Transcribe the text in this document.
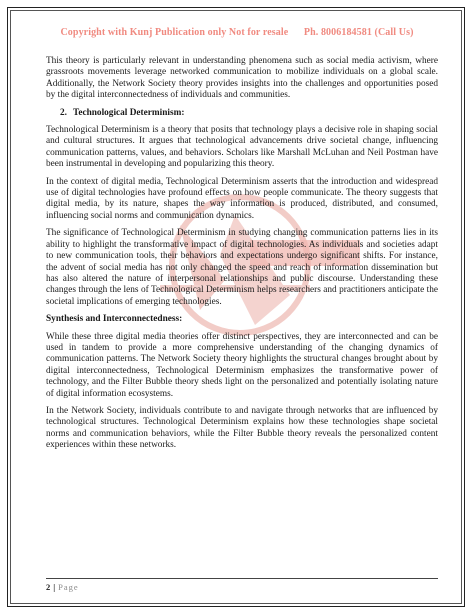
Copyright with Kunj Publication only Not for resale      Ph. 8006184581 (Call Us)

This theory is particularly relevant in understanding phenomena such as social media activism, where grassroots movements leverage networked communication to mobilize individuals on a global scale. Additionally, the Network Society theory provides insights into the challenges and opportunities posed by the digital interconnectedness of individuals and communities.

2. Technological Determinism:

Technological Determinism is a theory that posits that technology plays a decisive role in shaping social and cultural structures. It argues that technological advancements drive societal change, influencing communication patterns, values, and behaviors. Scholars like Marshall McLuhan and Neil Postman have been instrumental in developing and popularizing this theory.

In the context of digital media, Technological Determinism asserts that the introduction and widespread use of digital technologies have profound effects on how people communicate. The theory suggests that digital media, by its nature, shapes the way information is produced, distributed, and consumed, influencing social norms and communication dynamics.

The significance of Technological Determinism in studying changing communication patterns lies in its ability to highlight the transformative impact of digital technologies. As individuals and societies adapt to new communication tools, their behaviors and expectations undergo significant shifts. For instance, the advent of social media has not only changed the speed and reach of information dissemination but has also altered the nature of interpersonal relationships and public discourse. Understanding these changes through the lens of Technological Determinism helps researchers and practitioners anticipate the societal implications of emerging technologies.

Synthesis and Interconnectedness:

While these three digital media theories offer distinct perspectives, they are interconnected and can be used in tandem to provide a more comprehensive understanding of the changing dynamics of communication patterns. The Network Society theory highlights the structural changes brought about by digital interconnectedness, Technological Determinism emphasizes the transformative power of technology, and the Filter Bubble theory sheds light on the personalized and potentially isolating nature of digital information ecosystems.

In the Network Society, individuals contribute to and navigate through networks that are influenced by technological structures. Technological Determinism explains how these technologies shape societal norms and communication behaviors, while the Filter Bubble theory reveals the personalized content experiences within these networks.

2 | Page
